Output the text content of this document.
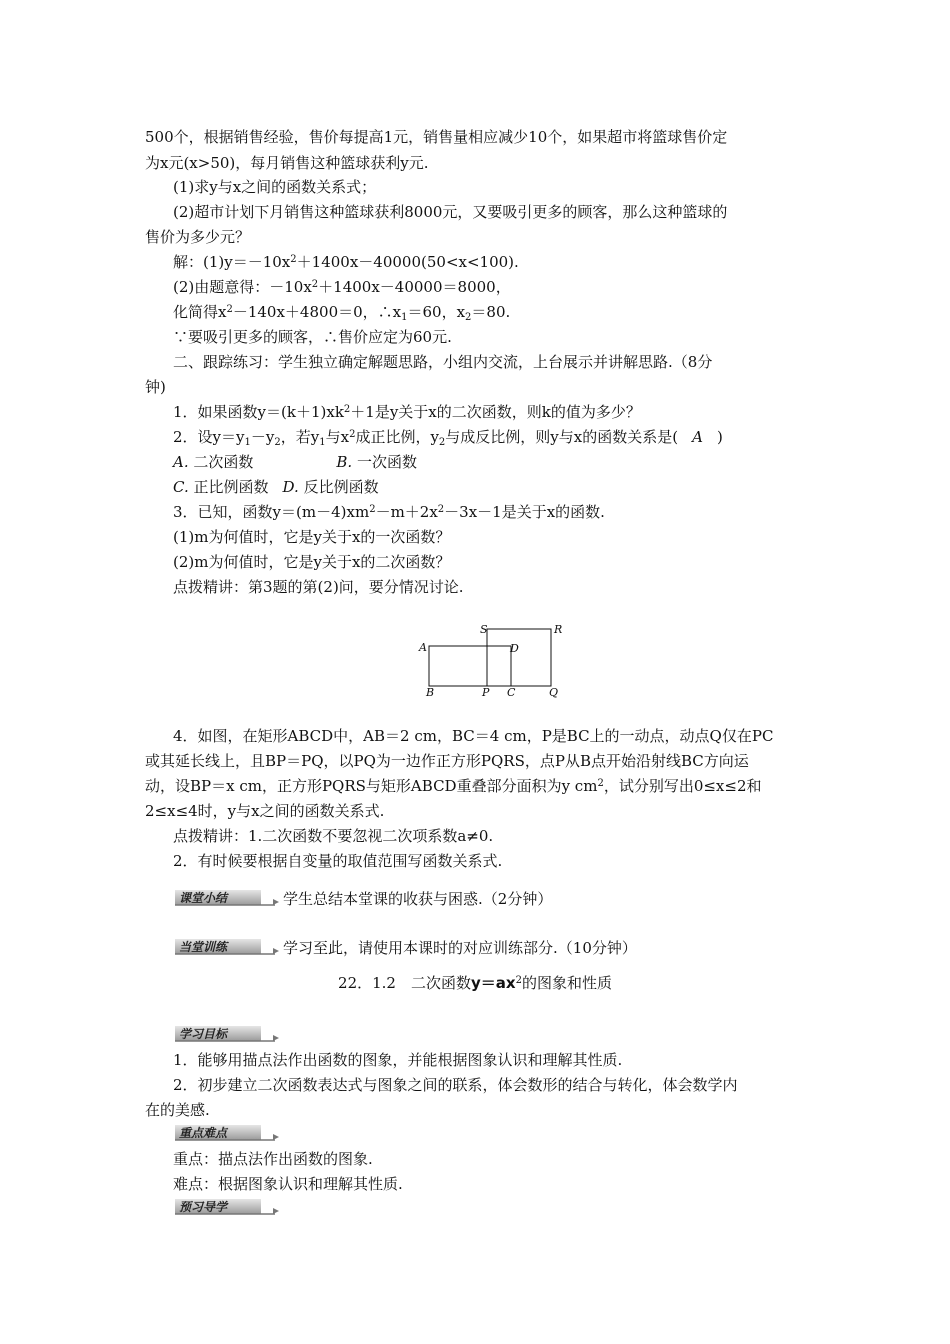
500个，根据销售经验，售价每提高1元，销售量相应减少10个，如果超市将篮球售价定
为x元(x>50)，每月销售这种篮球获利y元.
(1)求y与x之间的函数关系式；
(2)超市计划下月销售这种篮球获利8000元，又要吸引更多的顾客，那么这种篮球的
售价为多少元？
解：$(1)y=-10x^2+1400x-40000(50<x<100)$.
(2)由题意得：$-10x^2+1400x-40000=8000$，
化简得$x^2-140x+4800=0$，$\therefore x_1=60$，$x_2=80$.
∵要吸引更多的顾客，∴售价应定为60元.
二、跟踪练习：学生独立确定解题思路，小组内交流，上台展示并讲解思路.（8分
钟)
1．如果函数$y=(k+1)xk^2+1$是y关于x的二次函数，则k的值为多少？
2．设$y=y_1-y_2$，若$y_1$与$x^2$成正比例，$y_2$与成反比例，则y与x的函数关系是( A )
A. 二次函数	B. 一次函数
C. 正比例函数 D. 反比例函数
3．已知，函数$y=(m-4)xm^2-m+2x^2-3x-1$是关于x的函数.
(1)m为何值时，它是y关于x的一次函数？
(2)m为何值时，它是y关于x的二次函数？
点拨精讲：第3题的第(2)问，要分情况讨论.
A
B	C
D
P	Q
R
S
4．如图，在矩形ABCD中，AB＝2 cm，BC＝4 cm，P是BC上的一动点，动点Q仅在PC
或其延长线上，且BP＝PQ，以PQ为一边作正方形PQRS，点P从B点开始沿射线BC方向运
动，设BP＝x cm，正方形PQRS与矩形ABCD重叠部分面积为y $cm^2$，试分别写出0≤x≤2和
2≤x≤4时，y与x之间的函数关系式.
点拨精讲：1.二次函数不要忽视二次项系数a≠0.
2．有时候要根据自变量的取值范围写函数关系式.
课堂小结	学生总结本堂课的收获与困惑.（2分钟）
当堂训练	学习至此，请使用本课时的对应训练部分.（10分钟）
22．1.2　二次函数$y=ax^2$的图象和性质
学习目标
1．能够用描点法作出函数的图象，并能根据图象认识和理解其性质.
2．初步建立二次函数表达式与图象之间的联系，体会数形的结合与转化，体会数学内
在的美感.
重点难点
重点：描点法作出函数的图象.
难点：根据图象认识和理解其性质.
预习导学
